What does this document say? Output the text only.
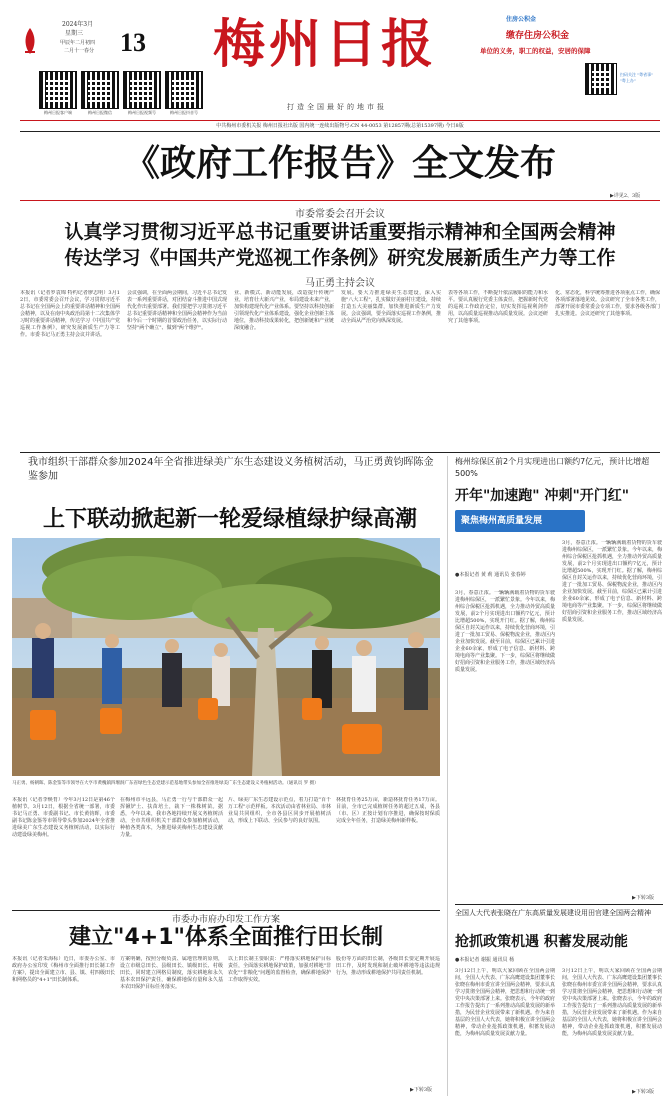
2024年3月
星期三 13
甲辰年二月初四
二月十一春分
梅州日报客户端	梅州日报微信	梅州日报视频号	梅州日报抖音号
梅州日报
打造全国最好的地市报
住房公积金
缴存住房公积金
单位的义务，职工的权益，安居的保障
扫码关注 "粤省事" "粤上办"
中共梅州市委机关报 梅州日报社出版 国内统一连续出版物号:CN 44-0053 第12857期(总第15397期) 今日8版
《政府工作报告》全文发布
▶详见2、3版
市委常委会召开会议
认真学习贯彻习近平总书记重要讲话重要指示精神和全国两会精神
传达学习《中国共产党巡视工作条例》研究发展新质生产力等工作
马正勇主持会议
本报讯（记者罗袁锦 特约记者廖志明）3月12日，市委常委会召开会议，学习贯彻习近平总书记在全国两会上的重要讲话精神和全国两会精神，以及在南中央政治局第十二次集体学习时的重要讲话精神，传达学习《中国共产党巡视工作条例》，研究发展新质生产力等工作。市委书记马正勇主持会议并讲话。
会议强调，在全面两会期间，习近平总书记发表一系列重要讲话，对团结奋斗推进中国式现代化作出重要部署。我们要把学习贯彻习近平总书记重要讲话精神和全国两会精神作为当前和今后一个时期的首要政治任务，以实际行动坚持"两个确立"、做到"两个维护"。
业、新模式、新动能发展，改造提升传统产业，培育壮大新兴产业，布局建设未来产业，加快构建现代化产业体系。要坚持以科技创新引领现代化产业体系建设，强化企业创新主体地位，推动科技成果转化，把创新链和产业链深度融合。
发展。要大力推进绿美生态建设，深入实施"八大工程"，扎实做好美丽村庄建设，持续打造五大美丽集群，加快推进新质生产力发展。会议强调，要全面落实巡视工作条例，推动全面从严治党向纵深发展。
表等各项工作，不断提升依法履职的能力和水平。要认真履行党委主体责任，把握新时代党的巡视工作政治定位，切实发挥巡视利剑作用，以高质量巡视推动高质量发展。会议还研究了其他事项。
化、常态化，科学统筹推进各项重点工作，确保各项部署落地见效。会议研究了全市各类工作，部署开展市委常委会专项工作，要求各级各部门扎实推进。会议还研究了其他事项。
我市组织干部群众参加2024年全省推进绿美广东生态建设义务植树活动，马正勇黄钧晖陈金鉴参加
上下联动掀起新一轮爱绿植绿护绿高潮
马正勇、杨朝晖、陈金鉴等市领导在大亨市黄槐镇四堰洞广东省绿色生态党建示范基地带头参加全省推进绿美广东生态建设义务植树活动。（通讯员 罗 摄）
本报讯（记者李焕育）今年3月12日是第46个植树节。3月12日，根据全省统一部署，市委书记马正勇、市委副书记、市长黄钧晖，市委副书记陈金鉴等市领导带头参加2024年全省推进绿美广东生态建设义务植树活动，以实际行动建设绿美梅州。
在梅州市平远县，马正勇一行与干部群众一起挥锹铲土、扶苗培土，栽下一株株树苗。据悉，今年以来，我市各地持续开展义务植树活动，全市共组织机关干部群众参加植树活动，种植各类苗木，为推进绿美梅州生态建设贡献力量。
片、绿美广东生态建设示范点，着力打造"百千万工程"示范样板。本次活动由省林业局、市林业局共同组织，全市各县区同步开展植树活动，形成上下联动、全民参与的良好氛围。
林抚育任务25万亩，新造林抚育任务17万亩。目前，全市已完成植树任务的超过五成，各县（市、区）正按计划有序推进，确保按时保质完成全年任务，打造绿美梅州新样板。
市委办市府办印发工作方案
建立"4+1"体系全面推行田长制
本报讯（记者朱海标）近日，市委办公室、市政府办公室印发《梅州市全面推行田长制工作方案》，提出全面建立市、县、镇、村四级田长和网格员的"4+1"田长制体系。
方案明确，按照分级负责、属地管理的原则，设立市级总田长、县级田长、镇级田长、村级田长，同时建立网格员制度，落实耕地和永久基本农田保护责任，确保耕地保有量和永久基本农田保护目标任务落实。
以上田长制主要职责：严格落实耕地保护目标责任，全面落实耕地保护政策，加强对耕地"非农化""非粮化"问题的监督检查，确保耕地保护工作取得实效。
股份等方面的田长制，各级田长要定期开展巡田工作，及时发现和制止破坏耕地等违法违规行为，推动形成耕地保护共同责任机制。
▶下转3版
梅州综保区前2个月实现进出口额约7亿元，预计比增超500%
开年"加速跑" 冲刺"开门红"
聚焦梅州高质量发展
●本报记者 黄 莉 通讯员 张春婷
3月，春意正浓。一辆辆满载着货物的货车驶进梅州综保区，一派繁忙景象。今年以来，梅州综合保税区抢抓机遇，全力推动外贸高质量发展，前2个月实现进出口额约7亿元，预计比增超500%，实现开门红。据了解，梅州综保区自封关运作以来，持续优化营商环境，引进了一批加工贸易、保税物流企业，推动区内企业加快发展。截至目前，综保区已累计引进企业60余家，形成了电子信息、新材料、跨境电商等产业集聚。下一步，综保区将继续做好招商引资和企业服务工作，推动区域经济高质量发展。
3月，春意正浓。一辆辆满载着货物的货车驶进梅州综保区，一派繁忙景象。今年以来，梅州综合保税区抢抓机遇，全力推动外贸高质量发展，前2个月实现进出口额约7亿元，预计比增超500%，实现开门红。据了解，梅州综保区自封关运作以来，持续优化营商环境，引进了一批加工贸易、保税物流企业，推动区内企业加快发展。截至目前，综保区已累计引进企业60余家，形成了电子信息、新材料、跨境电商等产业集聚。下一步，综保区将继续做好招商引资和企业服务工作，推动区域经济高质量发展。
▶下转3版
全国人大代表张晓在广东高质量发展建设用田官建全国两会精神
抢抓政策机遇 积蓄发展动能
●本报记者 谢振 通讯员 杨
3月12日上午，明以大家回顾在全国两会期间，全国人大代表、广东高鹰建设集团董事长张晓在梅州市委宣讲全国两会精神，要求认真学习贯彻全国两会精神，把思想和行动统一到党中央决策部署上来。张晓表示，今年的政府工作报告提出了一系列推动高质量发展的新举措，为民营企业发展带来了新机遇。作为来自基层的全国人大代表，她将积极宣讲全国两会精神，带动企业抢抓政策机遇，积蓄发展动能，为梅州高质量发展贡献力量。
3月12日上午，明以大家回顾在全国两会期间，全国人大代表、广东高鹰建设集团董事长张晓在梅州市委宣讲全国两会精神，要求认真学习贯彻全国两会精神，把思想和行动统一到党中央决策部署上来。张晓表示，今年的政府工作报告提出了一系列推动高质量发展的新举措，为民营企业发展带来了新机遇。作为来自基层的全国人大代表，她将积极宣讲全国两会精神，带动企业抢抓政策机遇，积蓄发展动能，为梅州高质量发展贡献力量。
▶下转3版
